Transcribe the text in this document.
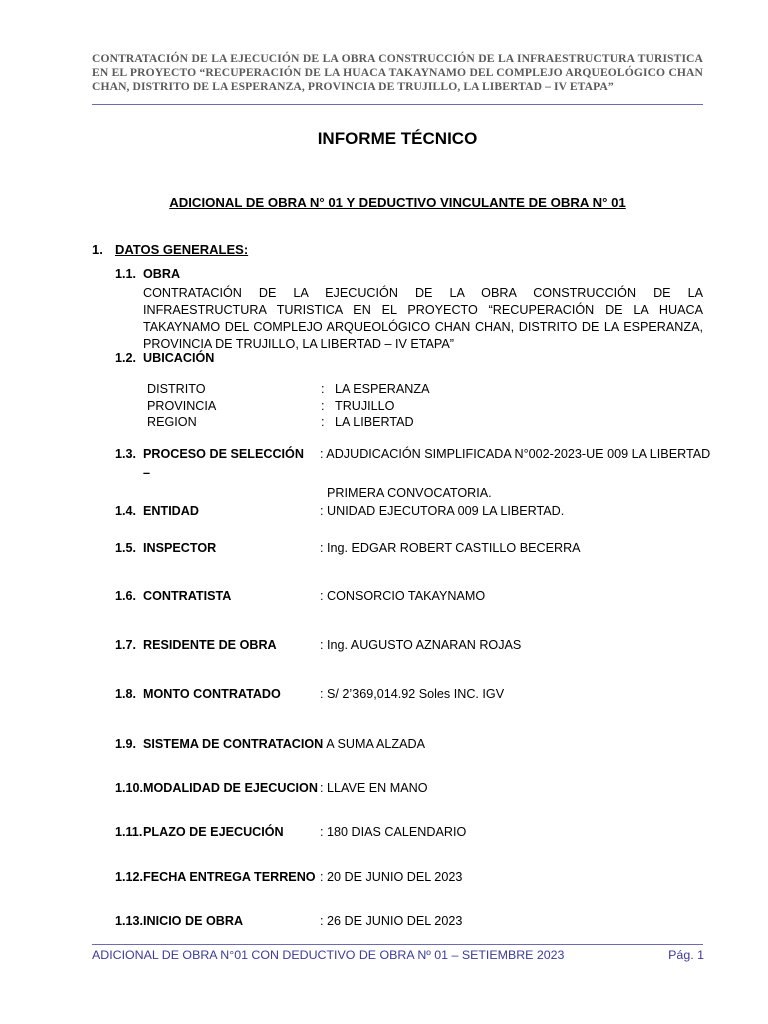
CONTRATACIÓN DE LA EJECUCIÓN DE LA OBRA CONSTRUCCIÓN DE LA INFRAESTRUCTURA TURISTICA
EN EL PROYECTO “RECUPERACIÓN DE LA HUACA TAKAYNAMO DEL COMPLEJO ARQUEOLÓGICO CHAN
CHAN, DISTRITO DE LA ESPERANZA, PROVINCIA DE TRUJILLO, LA LIBERTAD – IV ETAPA”
INFORME TÉCNICO
ADICIONAL DE OBRA N° 01 Y DEDUCTIVO VINCULANTE DE OBRA N° 01
1. DATOS GENERALES:
1.1. OBRA
CONTRATACIÓN DE LA EJECUCIÓN DE LA OBRA CONSTRUCCIÓN DE LA INFRAESTRUCTURA TURISTICA EN EL PROYECTO “RECUPERACIÓN DE LA HUACA TAKAYNAMO DEL COMPLEJO ARQUEOLÓGICO CHAN CHAN, DISTRITO DE LA ESPERANZA, PROVINCIA DE TRUJILLO, LA LIBERTAD – IV ETAPA”
1.2. UBICACIÓN
DISTRITO	: LA ESPERANZA
PROVINCIA	: TRUJILLO
REGION	: LA LIBERTAD
1.3. PROCESO DE SELECCIÓN : ADJUDICACIÓN SIMPLIFICADA N°002-2023-UE 009 LA LIBERTAD
–
PRIMERA CONVOCATORIA.
1.4. ENTIDAD	: UNIDAD EJECUTORA 009 LA LIBERTAD.
1.5. INSPECTOR	: Ing. EDGAR ROBERT CASTILLO BECERRA
1.6. CONTRATISTA	: CONSORCIO TAKAYNAMO
1.7. RESIDENTE DE OBRA	: Ing. AUGUSTO AZNARAN ROJAS
1.8. MONTO CONTRATADO	: S/ 2’369,014.92 Soles INC. IGV
1.9. SISTEMA DE CONTRATACION
: A SUMA ALZADA
1.10. MODALIDAD DE EJECUCION : LLAVE EN MANO
1.11. PLAZO DE EJECUCIÓN	: 180 DIAS CALENDARIO
1.12. FECHA ENTREGA TERRENO : 20 DE JUNIO DEL 2023
1.13. INICIO DE OBRA	: 26 DE JUNIO DEL 2023
ADICIONAL DE OBRA N°01 CON DEDUCTIVO DE OBRA Nº 01 – SETIEMBRE 2023	Pág. 1
